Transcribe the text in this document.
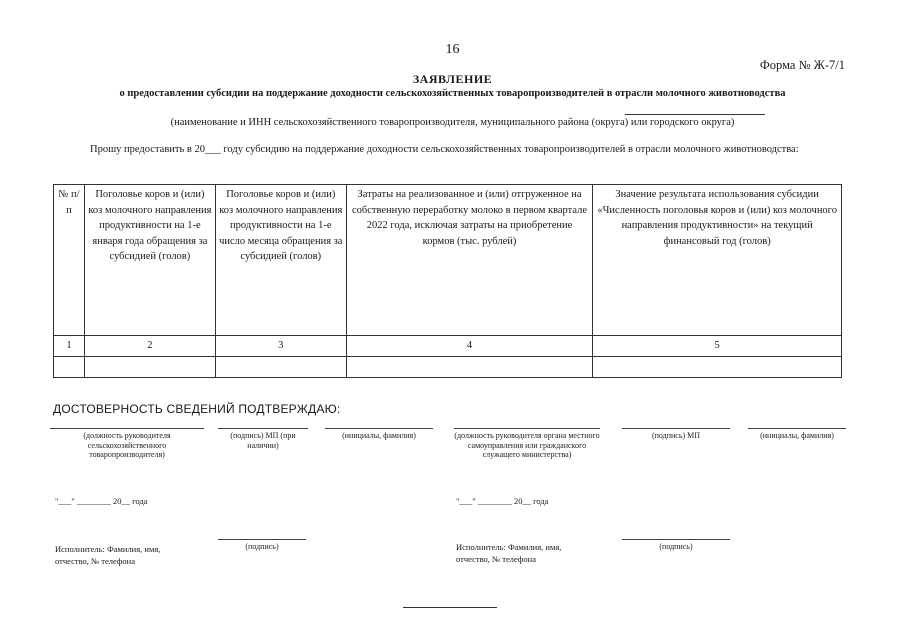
16
Форма № Ж-7/1
ЗАЯВЛЕНИЕ
о предоставлении субсидии на поддержание доходности сельскохозяйственных товаропроизводителей в отрасли молочного животноводства
(наименование и ИНН сельскохозяйственного товаропроизводителя, муниципального района (округа) или городского округа)
Прошу предоставить в 20___ году субсидию на поддержание доходности сельскохозяйственных товаропроизводителей в отрасли молочного животноводства:
№ п/п	Поголовье коров и (или) коз молочного направления продуктивности на 1-е января года обращения за субсидией (голов)	Поголовье коров и (или) коз молочного направления продуктивности на 1-е число месяца обращения за субсидией (голов)	Затраты на реализованное и (или) отгруженное на собственную переработку молоко в первом квартале 2022 года, исключая затраты на приобретение кормов (тыс. рублей)	Значение результата использования субсидии «Численность поголовья коров и (или) коз молочного направления продуктивности» на текущий финансовый год (голов)
1	2	3	4	5

ДОСТОВЕРНОСТЬ СВЕДЕНИЙ ПОДТВЕРЖДАЮ:
(должность руководителя сельскохозяйственного товаропроизводителя)
(подпись) МП (при наличии)
(инициалы, фамилия)
"___" ________ 20__ года
Исполнитель: Фамилия, имя, отчество, № телефона
(подпись)
(должность руководителя органа местного самоуправления или гражданского служащего министерства)
(подпись) МП	(инициалы, фамилия)
"___" ________ 20__ года
Исполнитель: Фамилия, имя, отчество, № телефона
(подпись)
